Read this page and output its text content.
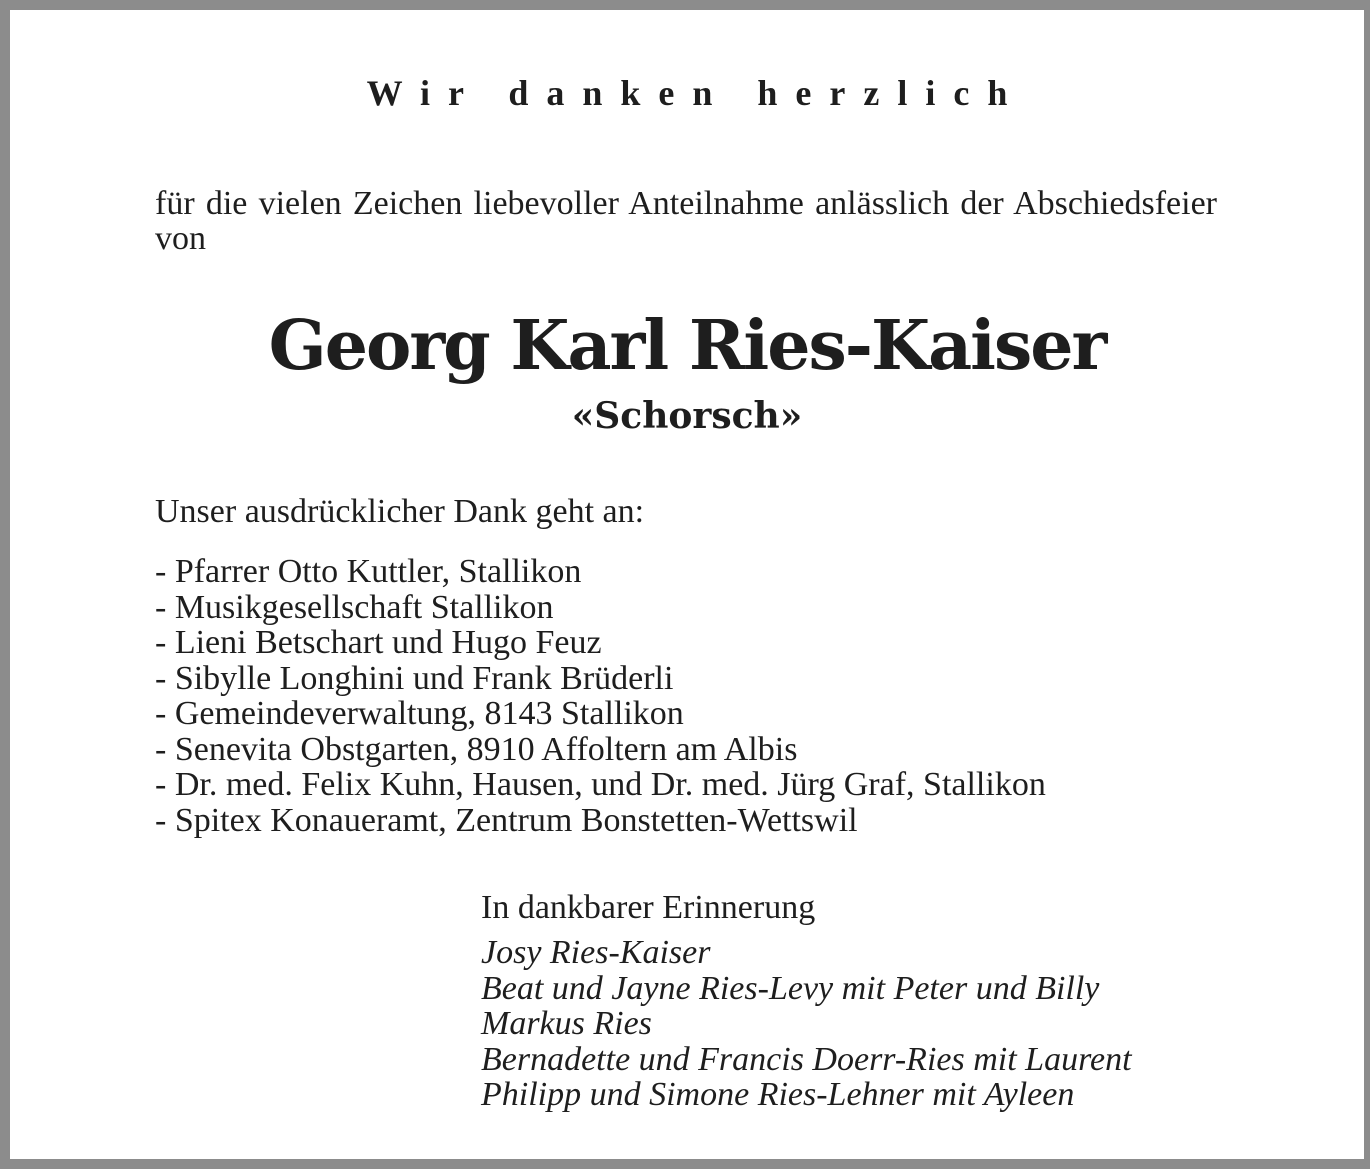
Wir danken herzlich

für die vielen Zeichen liebevoller Anteilnahme anlässlich der Abschiedsfeier von

Georg Karl Ries-Kaiser

«Schorsch»

Unser ausdrücklicher Dank geht an:

- Pfarrer Otto Kuttler, Stallikon
- Musikgesellschaft Stallikon
- Lieni Betschart und Hugo Feuz
- Sibylle Longhini und Frank Brüderli
- Gemeindeverwaltung, 8143 Stallikon
- Senevita Obstgarten, 8910 Affoltern am Albis
- Dr. med. Felix Kuhn, Hausen, und Dr. med. Jürg Graf, Stallikon
- Spitex Konaueramt, Zentrum Bonstetten-Wettswil

In dankbarer Erinnerung

Josy Ries-Kaiser
Beat und Jayne Ries-Levy mit Peter und Billy
Markus Ries
Bernadette und Francis Doerr-Ries mit Laurent
Philipp und Simone Ries-Lehner mit Ayleen
